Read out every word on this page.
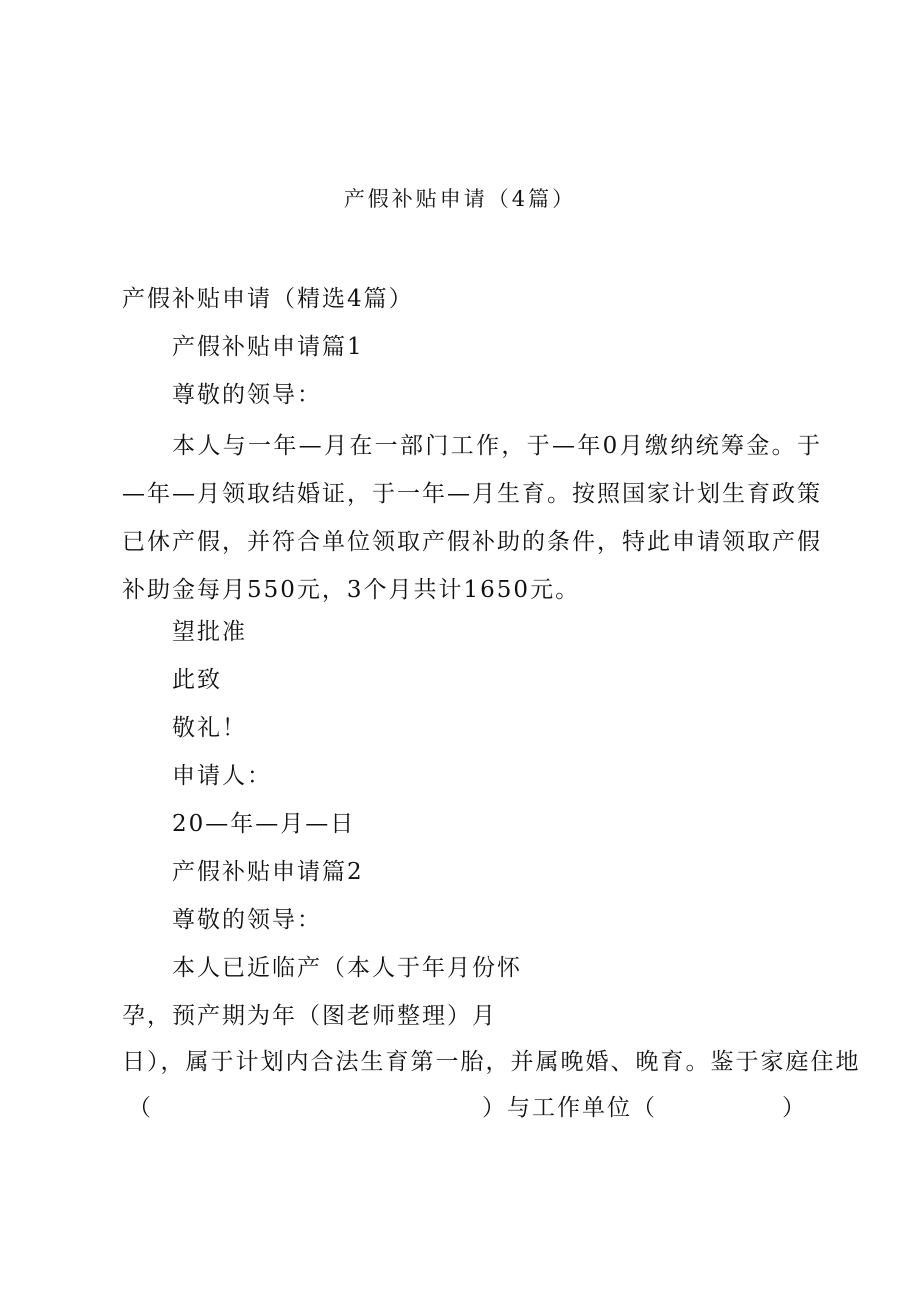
产假补贴申请（4篇）
产假补贴申请（精选4篇）
产假补贴申请篇1
尊敬的领导：
本人与一年—月在一部门工作，于—年0月缴纳统筹金。于—年—月领取结婚证，于一年—月生育。按照国家计划生育政策已休产假，并符合单位领取产假补助的条件，特此申请领取产假补助金每月550元，3个月共计1650元。
望批准
此致
敬礼！
申请人：
20—年—月—日
产假补贴申请篇2
尊敬的领导：
本人已近临产（本人于年月份怀
孕，预产期为年（图老师整理）月
日），属于计划内合法生育第一胎，并属晚婚、晚育。鉴于家庭住地
（	）与工作单位（	）
